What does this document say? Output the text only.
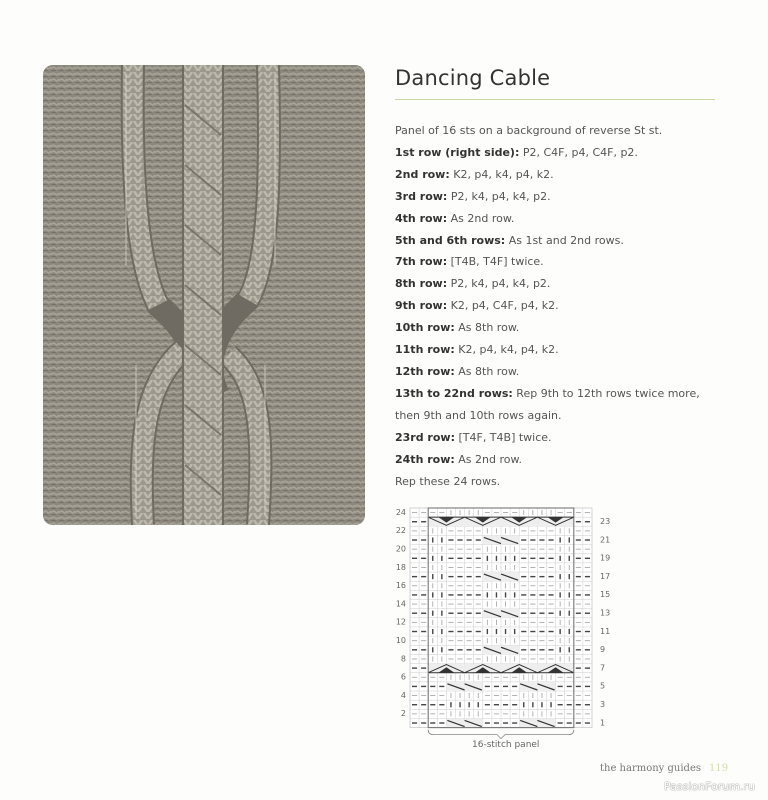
Dancing Cable
Panel of 16 sts on a background of reverse St st.
1st row (right side): P2, C4F, p4, C4F, p2.
2nd row: K2, p4, k4, p4, k2.
3rd row: P2, k4, p4, k4, p2.
4th row: As 2nd row.
5th and 6th rows: As 1st and 2nd rows.
7th row: [T4B, T4F] twice.
8th row: P2, k4, p4, k4, p2.
9th row: K2, p4, C4F, p4, k2.
10th row: As 8th row.
11th row: K2, p4, k4, p4, k2.
12th row: As 8th row.
13th to 22nd rows: Rep 9th to 12th rows twice more,
then 9th and 10th rows again.
23rd row: [T4F, T4B] twice.
24th row: As 2nd row.
Rep these 24 rows.
1
3
5
7
9
11
13
15
17
19
21
23
2
4
6
8
10
12
14
16
18
20
22
24
16-stitch panel
the harmony guides 119
PassionForum.ru
